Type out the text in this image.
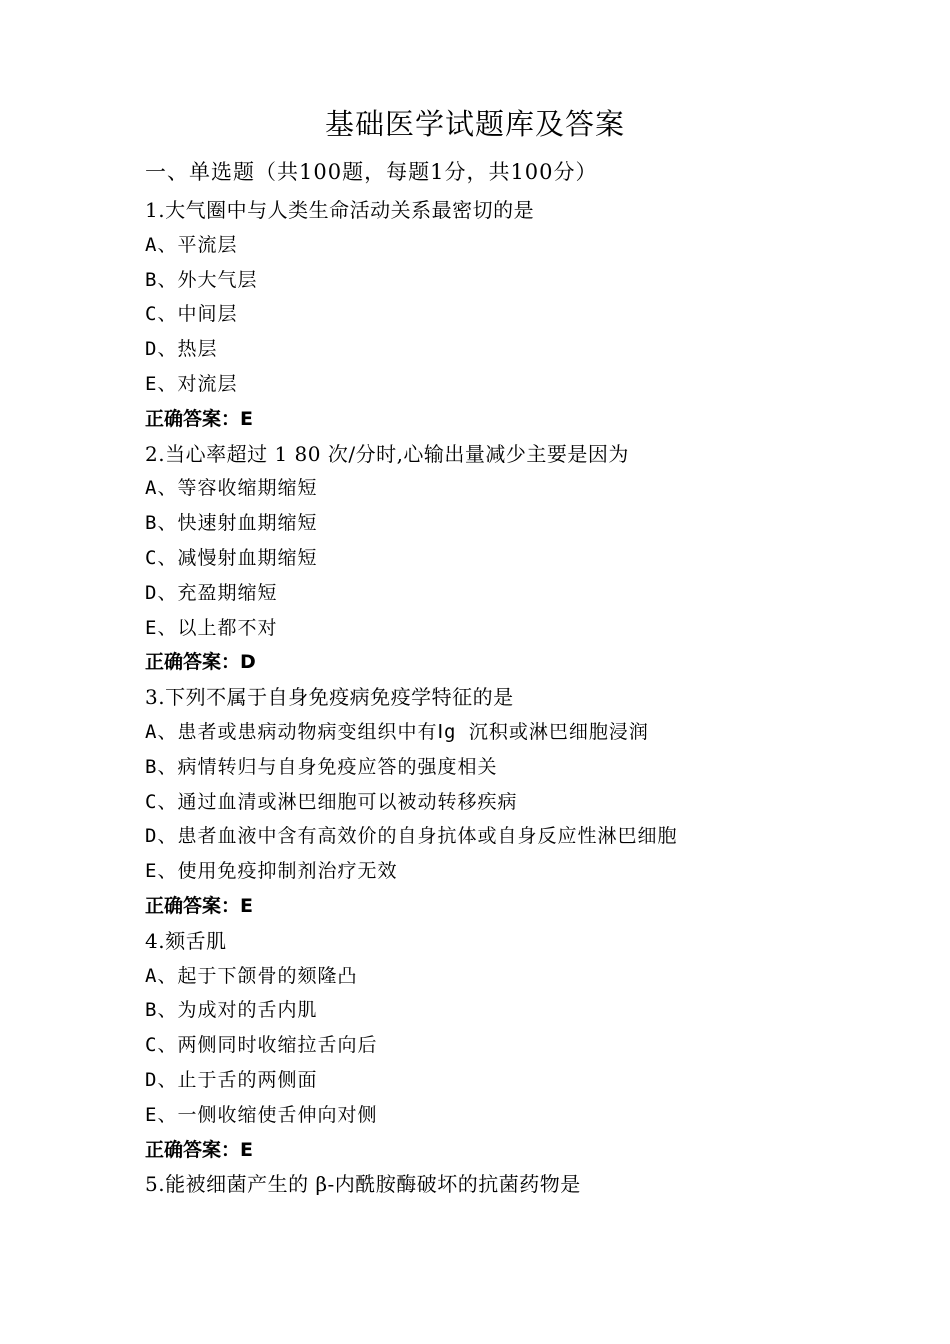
基础医学试题库及答案
一、单选题（共100题，每题1分，共100分）
1.大气圈中与人类生命活动关系最密切的是
A、平流层
B、外大气层
C、中间层
D、热层
E、对流层
正确答案：E
2.当心率超过 1 80 次/分时,心输出量减少主要是因为
A、等容收缩期缩短
B、快速射血期缩短
C、减慢射血期缩短
D、充盈期缩短
E、以上都不对
正确答案：D
3.下列不属于自身免疫病免疫学特征的是
A、患者或患病动物病变组织中有Ⅰg 沉积或淋巴细胞浸润
B、病情转归与自身免疫应答的强度相关
C、通过血清或淋巴细胞可以被动转移疾病
D、患者血液中含有高效价的自身抗体或自身反应性淋巴细胞
E、使用免疫抑制剂治疗无效
正确答案：E
4.颏舌肌
A、起于下颌骨的颏隆凸
B、为成对的舌内肌
C、两侧同时收缩拉舌向后
D、止于舌的两侧面
E、一侧收缩使舌伸向对侧
正确答案：E
5.能被细菌产生的 β-内酰胺酶破坏的抗菌药物是
